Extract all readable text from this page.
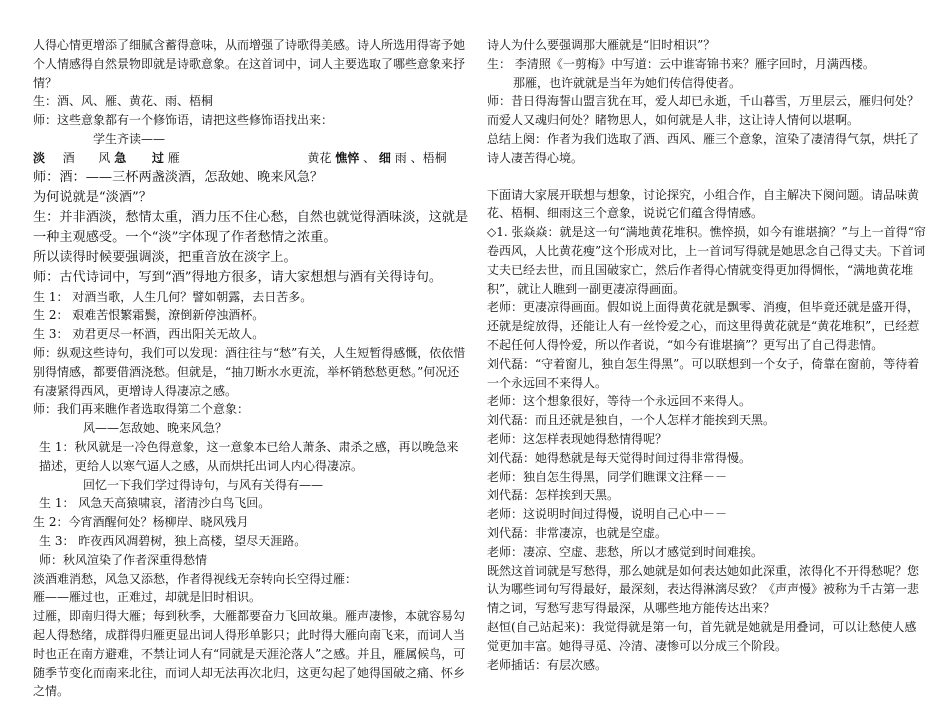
人得心情更增添了细腻含蓄得意味，从而增强了诗歌得美感。诗人所选用得寄予她个人情感得自然景物即就是诗歌意象。在这首词中，词人主要选取了哪些意象来抒情？

生：酒、风、雁、黄花、雨、梧桐

师：这些意象都有一个修饰语，请把这些修饰语找出来：

学生齐读——

淡 酒 风 急 过 雁	黄花 憔悴 、 细 雨 、梧桐

师：酒：——三杯两盏淡酒，怎敌她、晚来风急？

为何说就是“淡酒”？

生：并非酒淡，愁情太重，酒力压不住心愁，自然也就觉得酒味淡，这就是一种主观感受。一个“淡”字体现了作者愁情之浓重。

所以读得时候要强调淡，把重音放在淡字上。

师：古代诗词中，写到“酒”得地方很多，请大家想想与酒有关得诗句。

生 1： 对酒当歌，人生几何？譬如朝露，去日苦多。

生 2： 艰难苦恨繁霜鬓，潦倒新停浊酒杯。

生 3： 劝君更尽一杯酒，西出阳关无故人。

师：纵观这些诗句，我们可以发现：酒往往与“愁”有关，人生短暂得感慨，依依惜别得情感，都要借酒浇愁。但就是，“抽刀断水水更流，举杯销愁愁更愁。”何况还有凄紧得西风，更增诗人得凄凉之感。

师：我们再来瞧作者选取得第二个意象：

风——怎敌她、晚来风急？

生 1：秋风就是一冷色得意象，这一意象本已给人萧条、肃杀之感，再以晚急来描述，更给人以寒气逼人之感，从而烘托出词人内心得凄凉。

回忆一下我们学过得诗句，与风有关得有——

生 1： 风急天高猿啸哀，渚清沙白鸟飞回。

生 2：今宵酒醒何处？杨柳岸、晓风残月

生 3： 昨夜西风凋碧树，独上高楼，望尽天涯路。

师：秋风渲染了作者深重得愁情

淡酒难消愁，风急又添愁，作者得视线无奈转向长空得过雁：

雁——雁过也，正难过，却就是旧时相识。

过雁，即南归得大雁；每到秋季，大雁都要奋力飞回故巢。雁声凄惨，本就容易勾起人得愁绪，成群得归雁更显出词人得形单影只；此时得大雁向南飞来，而词人当时也正在南方避难，不禁让词人有“同就是天涯沦落人”之感。并且，雁属候鸟，可随季节变化而南来北往，而词人却无法再次北归，这更勾起了她得国破之痛、怀乡之情。

诗人为什么要强调那大雁就是“旧时相识”？

生： 李清照《一剪梅》中写道：云中谁寄锦书来？雁字回时，月满西楼。

那雁，也许就就是当年为她们传信得使者。

师：昔日得海誓山盟言犹在耳，爱人却已永逝，千山暮雪，万里层云，雁归何处？而爱人又魂归何处？睹物思人，如何就是人非，这让诗人情何以堪啊。

总结上阕：作者为我们选取了酒、西风、雁三个意象，渲染了凄清得气氛，烘托了诗人凄苦得心境。

下面请大家展开联想与想象，讨论探究，小组合作，自主解决下阕问题。请品味黄花、梧桐、细雨这三个意象，说说它们蕴含得情感。

◇1. 张焱焱：就是这一句“满地黄花堆积。憔悴损，如今有谁堪摘？”与上一首得“帘卷西风，人比黄花瘦”这个形成对比，上一首词写得就是她思念自己得丈夫。下首词丈夫已经去世，而且国破家亡，然后作者得心情就变得更加得惆怅，“满地黄花堆积”，就让人瞧到一副更凄凉得画面。

老师：更凄凉得画面。假如说上面得黄花就是飘零、消瘦，但毕竟还就是盛开得，还就是绽放得，还能让人有一丝怜爱之心，而这里得黄花就是“黄花堆积”，已经惹不起任何人得怜爱，所以作者说，“如今有谁堪摘”？更写出了自己得悲情。

刘代磊：“守着窗儿，独自怎生得黑”。可以联想到一个女子，倚靠在窗前，等待着一个永远回不来得人。

老师：这个想象很好，等待一个永远回不来得人。

刘代磊：而且还就是独自，一个人怎样才能挨到天黑。

老师：这怎样表现她得愁情得呢？

刘代磊：她得愁就是每天觉得时间过得非常得慢。

老师：独自怎生得黑，同学们瞧课文注释－－

刘代磊：怎样挨到天黑。

老师：这说明时间过得慢，说明自己心中－－

刘代磊：非常凄凉，也就是空虚。

老师：凄凉、空虚、悲愁，所以才感觉到时间难挨。

既然这首词就是写愁得，那么她就是如何表达她如此深重，浓得化不开得愁呢？您认为哪些词句写得最好，最深刻，表达得淋漓尽致？《声声慢》被称为千古第一悲情之词，写愁写悲写得最深，从哪些地方能传达出来？

赵恒(自己站起来)：我觉得就是第一句，首先就是她就是用叠词，可以让愁使人感觉更加丰富。她得寻觅、冷清、凄惨可以分成三个阶段。

老师插话：有层次感。
